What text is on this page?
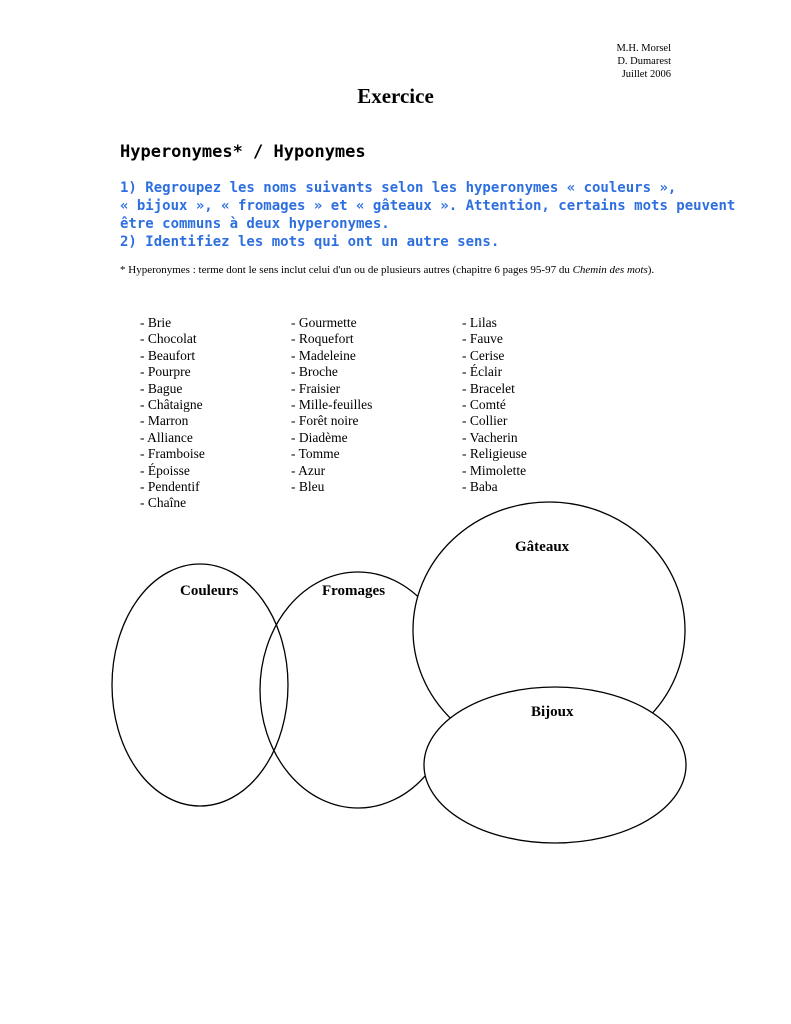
M.H. Morsel
D. Dumarest
Juillet 2006
Exercice
Hyperonymes* / Hyponymes
1) Regroupez les noms suivants selon les hyperonymes « couleurs »,
« bijoux », « fromages » et « gâteaux ». Attention, certains mots peuvent
être communs à deux hyperonymes.
2) Identifiez les mots qui ont un autre sens.
* Hyperonymes : terme dont le sens inclut celui d'un ou de plusieurs autres (chapitre 6 pages 95-97 du Chemin des mots).
- Brie
- Chocolat
- Beaufort
- Pourpre
- Bague
- Châtaigne
- Marron
- Alliance
- Framboise
- Époisse
- Pendentif
- Chaîne
- Gourmette
- Roquefort
- Madeleine
- Broche
- Fraisier
- Mille-feuilles
- Forêt noire
- Diadème
- Tomme
- Azur
- Bleu
- Lilas
- Fauve
- Cerise
- Éclair
- Bracelet
- Comté
- Collier
- Vacherin
- Religieuse
- Mimolette
- Baba
Couleurs	Fromages
Gâteaux
Bijoux
